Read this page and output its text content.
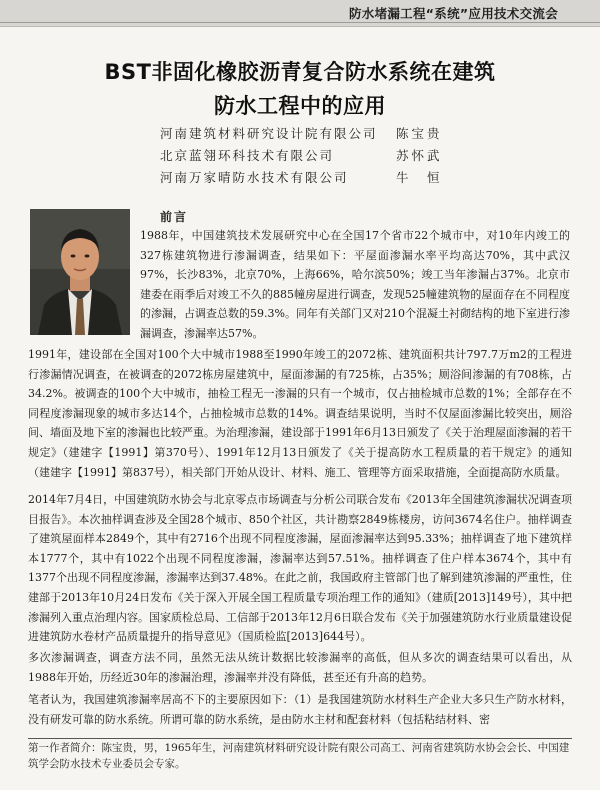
防水堵漏工程“系统”应用技术交流会
BST非固化橡胶沥青复合防水系统在建筑
防水工程中的应用
河南建筑材料研究设计院有限公司 陈宝贵
北京蓝翎环科技术有限公司	苏怀武
河南万家晴防水技术有限公司	牛　恒
前言

1988年，中国建筑技术发展研究中心在全国17个省市22个城市中，对10年内竣工的327栋建筑物进行渗漏调查，结果如下：平屋面渗漏水率平均高达70%，其中武汉97%，长沙83%，北京70%，上海66%，哈尔滨50%；竣工当年渗漏占37%。北京市建委在雨季后对竣工不久的885幢房屋进行调查，发现525幢建筑物的屋面存在不同程度的渗漏，占调查总数的59.3%。同年有关部门又对210个混凝土衬砌结构的地下室进行渗漏调查，渗漏率达57%。

1991年，建设部在全国对100个大中城市1988至1990年竣工的2072栋、建筑面积共计797.7万m2的工程进行渗漏情况调查，在被调查的2072栋房屋建筑中，屋面渗漏的有725栋，占35%；厕浴间渗漏的有708栋，占34.2%。被调查的100个大中城市，抽检工程无一渗漏的只有一个城市，仅占抽检城市总数的1%；全部存在不同程度渗漏现象的城市多达14个，占抽检城市总数的14%。调查结果说明，当时不仅屋面渗漏比较突出，厕浴间、墙面及地下室的渗漏也比较严重。为治理渗漏，建设部于1991年6月13日颁发了《关于治理屋面渗漏的若干规定》（建建字【1991】第370号）、1991年12月13日颁发了《关于提高防水工程质量的若干规定》的通知（建建字【1991】第837号），相关部门开始从设计、材料、施工、管理等方面采取措施，全面提高防水质量。

2014年7月4日，中国建筑防水协会与北京零点市场调查与分析公司联合发布《2013年全国建筑渗漏状况调查项目报告》。本次抽样调查涉及全国28个城市、850个社区，共计勘察2849栋楼房，访问3674名住户。抽样调查了建筑屋面样本2849个，其中有2716个出现不同程度渗漏，屋面渗漏率达到95.33%；抽样调查了地下建筑样本1777个，其中有1022个出现不同程度渗漏，渗漏率达到57.51%。抽样调查了住户样本3674个，其中有1377个出现不同程度渗漏，渗漏率达到37.48%。在此之前，我国政府主管部门也了解到建筑渗漏的严重性，住建部于2013年10月24日发布《关于深入开展全国工程质量专项治理工作的通知》（建质[2013]149号），其中把渗漏列入重点治理内容。国家质检总局、工信部于2013年12月6日联合发布《关于加强建筑防水行业质量建设促进建筑防水卷材产品质量提升的指导意见》（国质检监[2013]644号）。

多次渗漏调查，调查方法不同，虽然无法从统计数据比较渗漏率的高低，但从多次的调查结果可以看出，从1988年开始，历经近30年的渗漏治理，渗漏率并没有降低，甚至还有升高的趋势。

笔者认为，我国建筑渗漏率居高不下的主要原因如下：（1）是我国建筑防水材料生产企业大多只生产防水材料，没有研发可靠的防水系统。所谓可靠的防水系统，是由防水主材和配套材料（包括粘结材料、密

第一作者简介：陈宝贵，男，1965年生，河南建筑材料研究设计院有限公司高工、河南省建筑防水协会会长、中国建筑学会防水技术专业委员会专家。
